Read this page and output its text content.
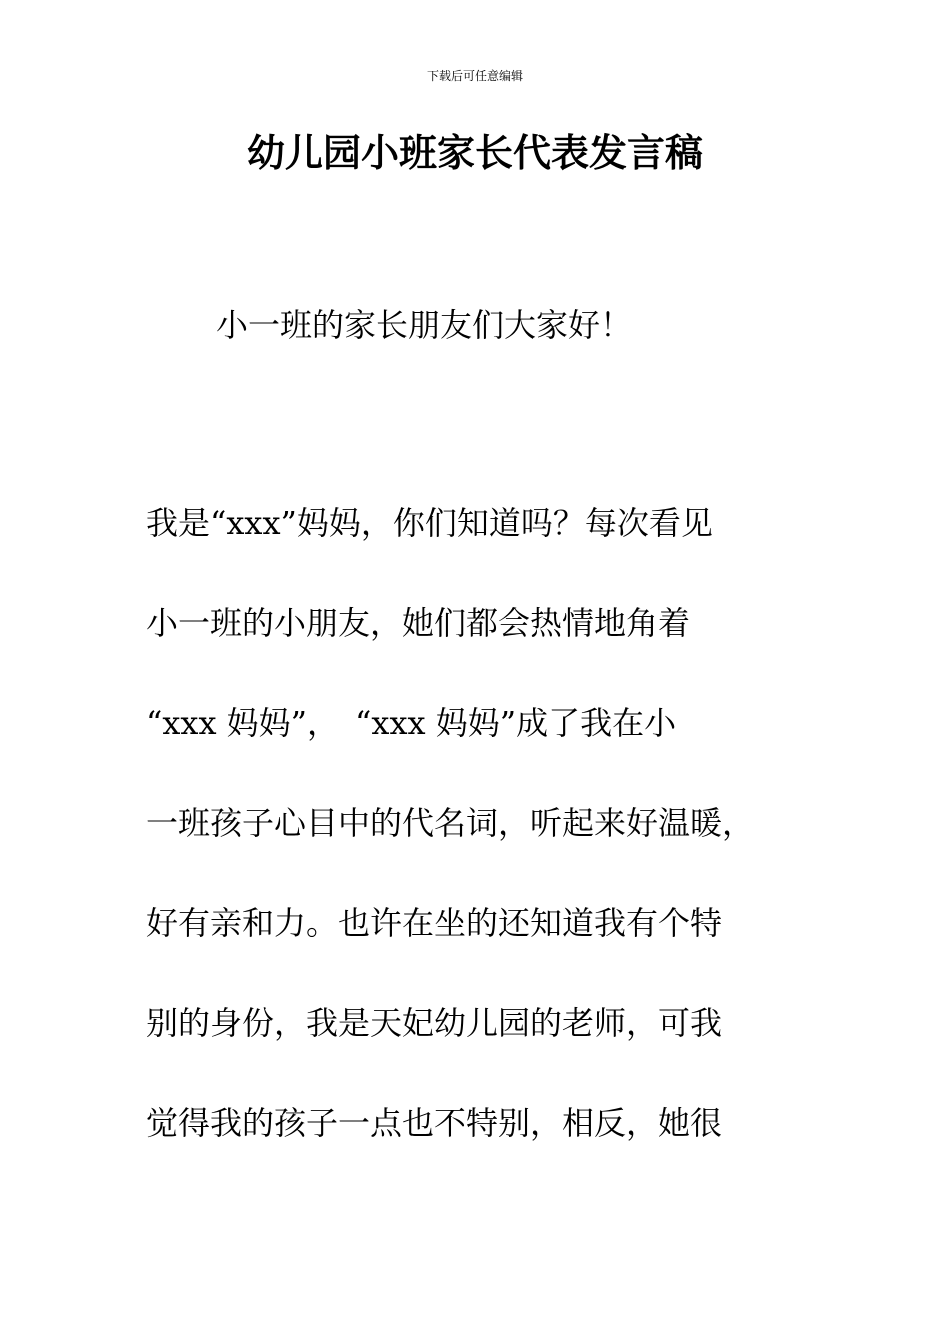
下载后可任意编辑
幼儿园小班家长代表发言稿
小一班的家长朋友们大家好！
我是“xxx”妈妈，你们知道吗？每次看见
小一班的小朋友，她们都会热情地角着
“xxx 妈妈”，　“xxx 妈妈”成了我在小
一班孩子心目中的代名词，听起来好温暖，
好有亲和力。也许在坐的还知道我有个特
别的身份，我是天妃幼儿园的老师，可我
觉得我的孩子一点也不特别，相反，她很
